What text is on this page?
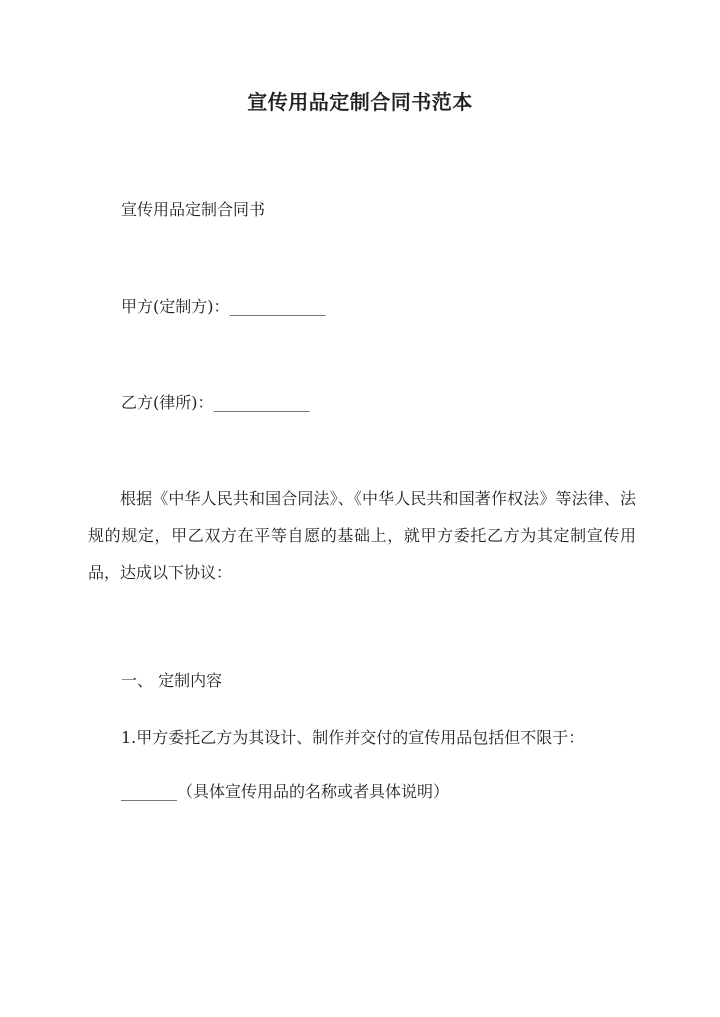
宣传用品定制合同书范本
宣传用品定制合同书
甲方(定制方)：____________
乙方(律所)：____________
根据《中华人民共和国合同法》、《中华人民共和国著作权法》等法律、法规的规定，甲乙双方在平等自愿的基础上，就甲方委托乙方为其定制宣传用品，达成以下协议：
一、 定制内容
1.甲方委托乙方为其设计、制作并交付的宣传用品包括但不限于：
_______（具体宣传用品的名称或者具体说明）
